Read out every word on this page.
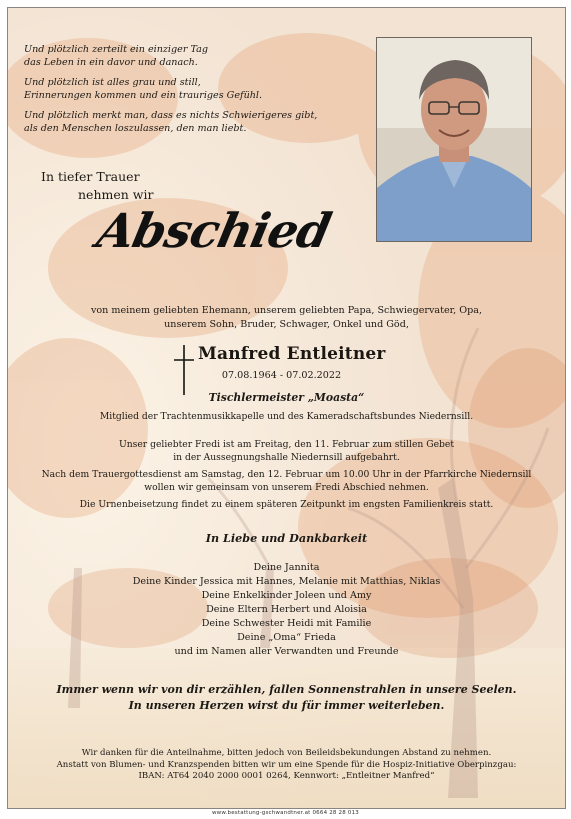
Und plötzlich zerteilt ein einziger Tag
das Leben in ein davor und danach.

Und plötzlich ist alles grau und still,
Erinnerungen kommen und ein trauriges Gefühl.

Und plötzlich merkt man, dass es nichts Schwierigeres gibt,
als den Menschen loszulassen, den man liebt.

In tiefer Trauer
nehmen wir
Abschied
von meinem geliebten Ehemann, unserem geliebten Papa, Schwiegervater, Opa,
unserem Sohn, Bruder, Schwager, Onkel und Göd,
Manfred Entleitner
07.08.1964 - 07.02.2022
Tischlermeister „Moasta“
Mitglied der Trachtenmusikkapelle und des Kameradschaftsbundes Niedernsill.
Unser geliebter Fredi ist am Freitag, den 11. Februar zum stillen Gebet
in der Aussegnungshalle Niedernsill aufgebahrt.
Nach dem Trauergottesdienst am Samstag, den 12. Februar um 10.00 Uhr in der Pfarrkirche Niedernsill
wollen wir gemeinsam von unserem Fredi Abschied nehmen.
Die Urnenbeisetzung findet zu einem späteren Zeitpunkt im engsten Familienkreis statt.
In Liebe und Dankbarkeit
Deine Jannita
Deine Kinder Jessica mit Hannes, Melanie mit Matthias, Niklas
Deine Enkelkinder Joleen und Amy
Deine Eltern Herbert und Aloisia
Deine Schwester Heidi mit Familie
Deine „Oma“ Frieda
und im Namen aller Verwandten und Freunde
Immer wenn wir von dir erzählen, fallen Sonnenstrahlen in unsere Seelen.
In unseren Herzen wirst du für immer weiterleben.
Wir danken für die Anteilnahme, bitten jedoch von Beileidsbekundungen Abstand zu nehmen.
Anstatt von Blumen- und Kranzspenden bitten wir um eine Spende für die Hospiz-Initiative Oberpinzgau:
IBAN: AT64 2040 2000 0001 0264, Kennwort: „Entleitner Manfred“
www.bestattung-gschwandtner.at 0664 28 28 013
